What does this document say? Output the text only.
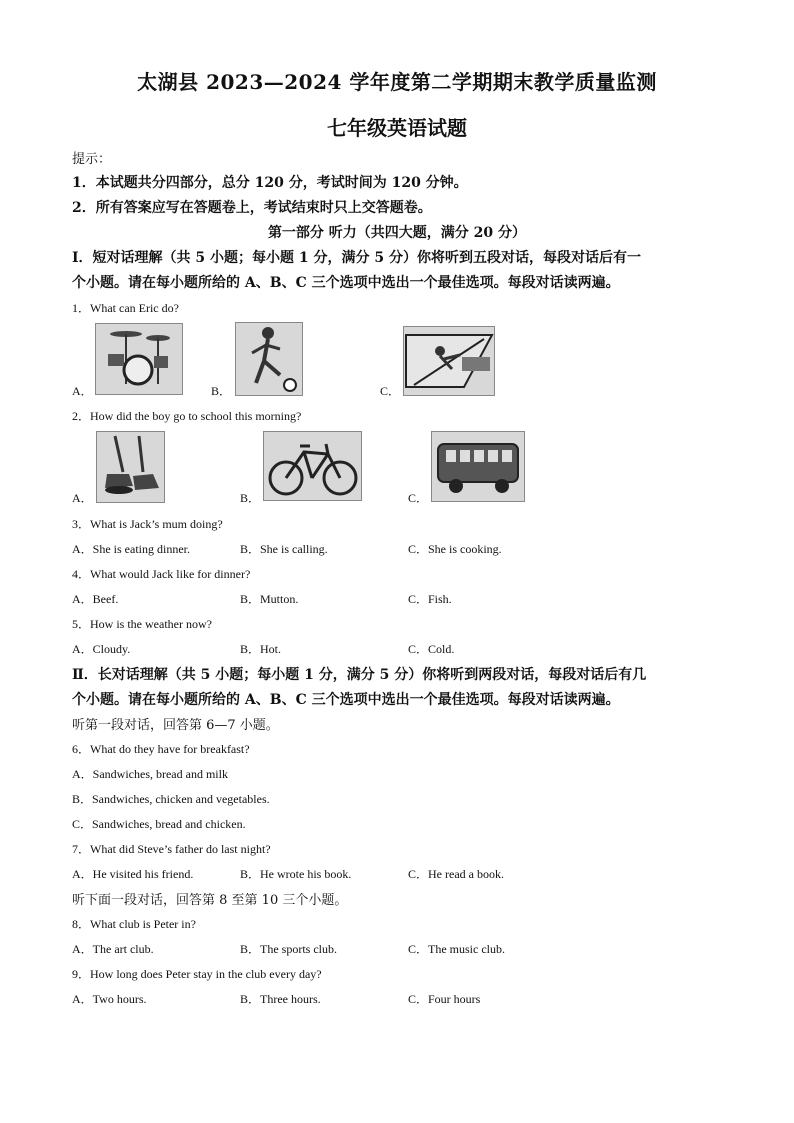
太湖县 2023—2024 学年度第二学期期末教学质量监测
七年级英语试题
提示：
1．本试题共分四部分，总分 120 分，考试时间为 120 分钟。
2．所有答案应写在答题卷上，考试结束时只上交答题卷。
第一部分 听力（共四大题，满分 20 分）
Ⅰ．短对话理解（共 5 小题；每小题 1 分，满分 5 分）你将听到五段对话，每段对话后有一
个小题。请在每小题所给的 A、B、C 三个选项中选出一个最佳选项。每段对话读两遍。
1．What can Eric do?
A．	B．	C．
2．How did the boy go to school this morning?
A．	B．	C．
3．What is Jack’s mum doing?
A．She is eating dinner.	B．She is calling.	C．She is cooking.
4．What would Jack like for dinner?
A．Beef.	B．Mutton.	C．Fish.
5．How is the weather now?
A．Cloudy.	B．Hot.	C．Cold.
Ⅱ．长对话理解（共 5 小题；每小题 1 分，满分 5 分）你将听到两段对话，每段对话后有几
个小题。请在每小题所给的 A、B、C 三个选项中选出一个最佳选项。每段对话读两遍。
听第一段对话，回答第 6—7 小题。
6．What do they have for breakfast?
A．Sandwiches, bread and milk
B．Sandwiches, chicken and vegetables.
C．Sandwiches, bread and chicken.
7．What did Steve’s father do last night?
A．He visited his friend.	B．He wrote his book.	C．He read a book.
听下面一段对话，回答第 8 至第 10 三个小题。
8．What club is Peter in?
A．The art club.	B．The sports club.	C．The music club.
9．How long does Peter stay in the club every day?
A．Two hours.	B．Three hours.	C．Four hours
